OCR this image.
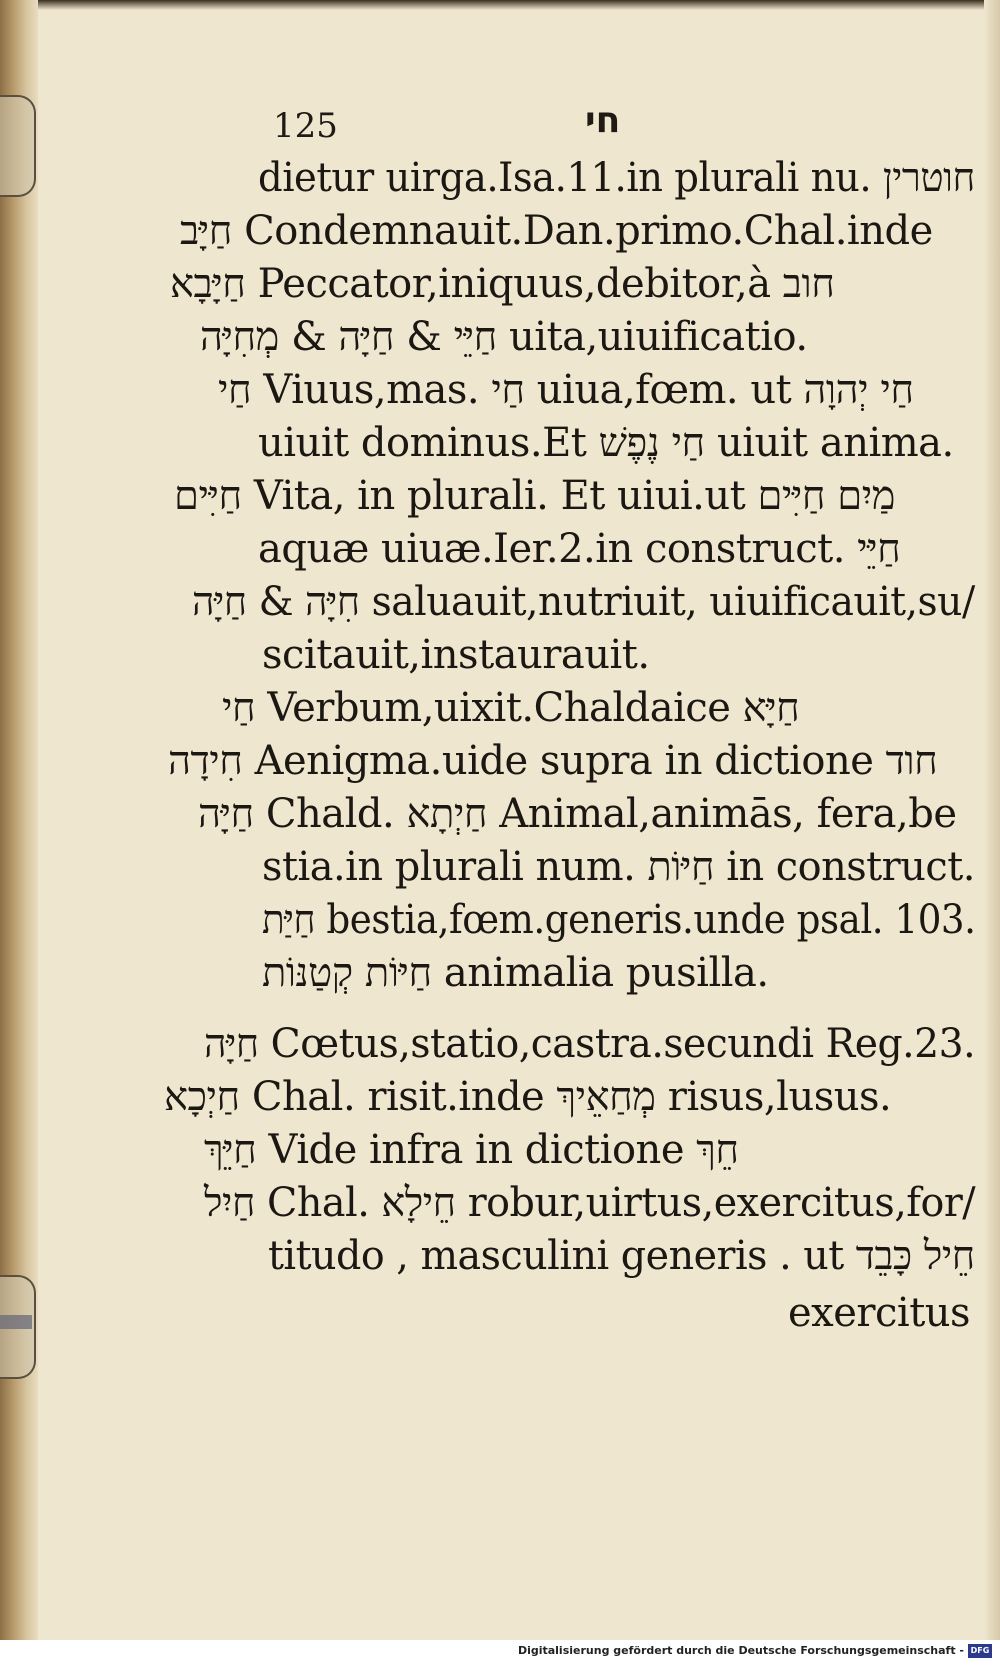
125	חי
dietur uirga.Isa.11.in plurali nu. חוטרין
חַיָּב Condemnauit.Dan.primo.Chal.inde
חַיָּבָא Peccator,iniquus,debitor,à חוב
חַיֵּי & חַיָּה & מְחִיָּה uita,uiuificatio.
חַי Viuus,mas. חַי uiua,fœm. ut חַי יְהוָה
uiuit dominus.Et חַי נֶפֶשׁ uiuit anima.
חַיִּים Vita, in plurali. Et uiui.ut מַיִם חַיִּים
aquæ uiuæ.Ier.2.in construct. חַיֵּי
חִיָּה & חַיָּה saluauit,nutriuit, uiuificauit,su/
scitauit,instaurauit.
חַי Verbum,uixit.Chaldaice חַיָּא
חִידָה Aenigma.uide supra in dictione חוד
חַיָּה Chald. חַיְתָא Animal,animās, fera,be
stia.in plurali num. חַיּוֹת in construct.
חַיַּת bestia,fœm.generis.unde psal. 103.
חַיּוֹת קְטַנּוֹת animalia pusilla.
חַיָּה Cœtus,statio,castra.secundi Reg.23.
חַיְכָא Chal. risit.inde מְחַאֵיךְ risus,lusus.
חַיֵּךְ Vide infra in dictione חֵךְ
חַיִל Chal. חֵילָא robur,uirtus,exercitus,for/
titudo , masculini generis . ut חֵיל כָּבֵד
exercitus
Digitalisierung gefördert durch die Deutsche Forschungsgemeinschaft - DFG
